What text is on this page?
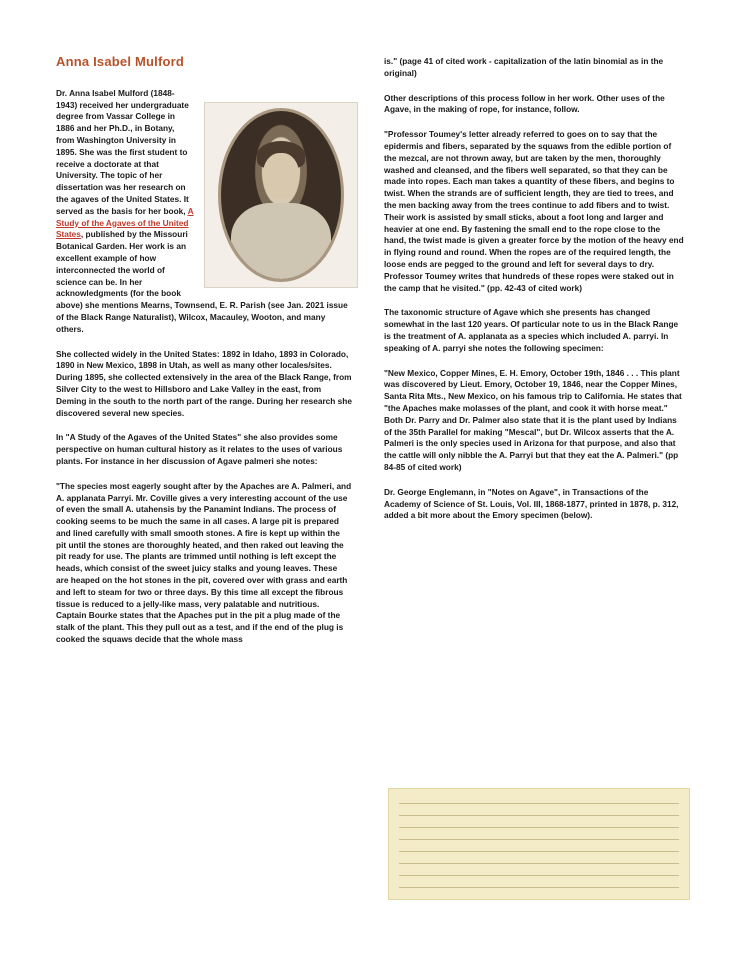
Anna Isabel Mulford

Dr. Anna Isabel Mulford (1848-1943) received her undergraduate degree from Vassar College in 1886 and her Ph.D., in Botany, from Washington University in 1895. She was the first student to receive a doctorate at that University. The topic of her dissertation was her research on the agaves of the United States. It served as the basis for her book, A Study of the Agaves of the United States, published by the Missouri Botanical Garden. Her work is an excellent example of how interconnected the world of science can be. In her acknowledgments (for the book above) she mentions Mearns, Townsend, E. R. Parish (see Jan. 2021 issue of the Black Range Naturalist), Wilcox, Macauley, Wooton, and many others.

She collected widely in the United States: 1892 in Idaho, 1893 in Colorado, 1890 in New Mexico, 1898 in Utah, as well as many other locales/sites. During 1895, she collected extensively in the area of the Black Range, from Silver City to the west to Hillsboro and Lake Valley in the east, from Deming in the south to the north part of the range. During her research she discovered several new species.

In "A Study of the Agaves of the United States" she also provides some perspective on human cultural history as it relates to the uses of various plants. For instance in her discussion of Agave palmeri she notes:

"The species most eagerly sought after by the Apaches are A. Palmeri, and A. applanata Parryi. Mr. Coville gives a very interesting account of the use of even the small A. utahensis by the Panamint Indians. The process of cooking seems to be much the same in all cases. A large pit is prepared and lined carefully with small smooth stones. A fire is kept up within the pit until the stones are thoroughly heated, and then raked out leaving the pit ready for use. The plants are trimmed until nothing is left except the heads, which consist of the sweet juicy stalks and young leaves. These are heaped on the hot stones in the pit, covered over with grass and earth and left to steam for two or three days. By this time all except the fibrous tissue is reduced to a jelly-like mass, very palatable and nutritious. Captain Bourke states that the Apaches put in the pit a plug made of the stalk of the plant. This they pull out as a test, and if the end of the plug is cooked the squaws decide that the whole mass

is." (page 41 of cited work - capitalization of the latin binomial as in the original)

Other descriptions of this process follow in her work. Other uses of the Agave, in the making of rope, for instance, follow.

"Professor Toumey's letter already referred to goes on to say that the epidermis and fibers, separated by the squaws from the edible portion of the mezcal, are not thrown away, but are taken by the men, thoroughly washed and cleansed, and the fibers well separated, so that they can be made into ropes. Each man takes a quantity of these fibers, and begins to twist. When the strands are of sufficient length, they are tied to trees, and the men backing away from the trees continue to add fibers and to twist. Their work is assisted by small sticks, about a foot long and larger and heavier at one end. By fastening the small end to the rope close to the hand, the twist made is given a greater force by the motion of the heavy end in flying round and round. When the ropes are of the required length, the loose ends are pegged to the ground and left for several days to dry. Professor Toumey writes that hundreds of these ropes were staked out in the camp that he visited." (pp. 42-43 of cited work)

The taxonomic structure of Agave which she presents has changed somewhat in the last 120 years. Of particular note to us in the Black Range is the treatment of A. applanata as a species which included A. parryi. In speaking of A. parryi she notes the following specimen:

"New Mexico, Copper Mines, E. H. Emory, October 19th, 1846 . . . This plant was discovered by Lieut. Emory, October 19, 1846, near the Copper Mines, Santa Rita Mts., New Mexico, on his famous trip to California. He states that "the Apaches make molasses of the plant, and cook it with horse meat." Both Dr. Parry and Dr. Palmer also state that it is the plant used by Indians of the 35th Parallel for making "Mescal", but Dr. Wilcox asserts that the A. Palmeri is the only species used in Arizona for that purpose, and also that the cattle will only nibble the A. Parryi but that they eat the A. Palmeri." (pp 84-85 of cited work)

Dr. George Englemann, in "Notes on Agave", in Transactions of the Academy of Science of St. Louis, Vol. III, 1868-1877, printed in 1878, p. 312, added a bit more about the Emory specimen (below).
